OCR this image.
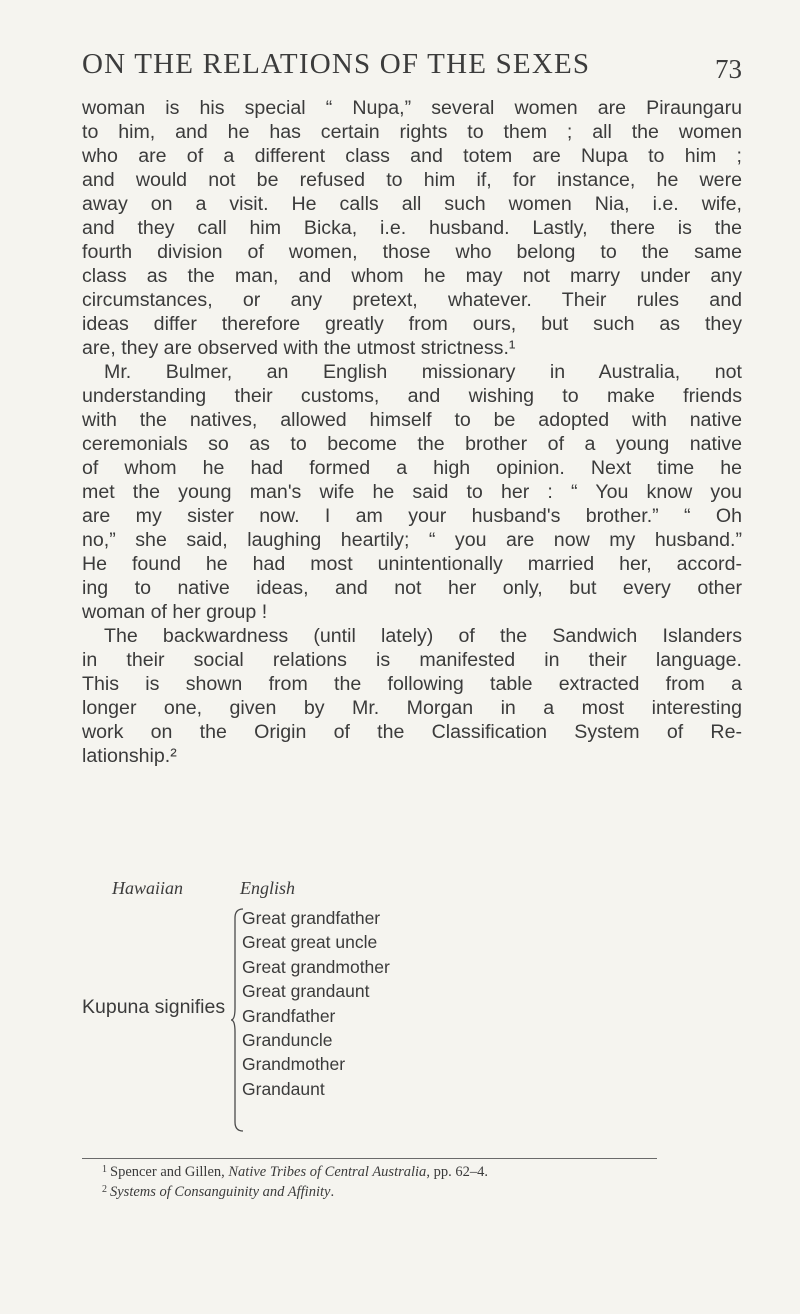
ON THE RELATIONS OF THE SEXES	73
woman is his special “ Nupa,” several women are Piraungaru
to him, and he has certain rights to them ; all the women
who are of a different class and totem are Nupa to him ;
and would not be refused to him if, for instance, he were
away on a visit. He calls all such women Nia, i.e. wife,
and they call him Bicka, i.e. husband. Lastly, there is the
fourth division of women, those who belong to the same
class as the man, and whom he may not marry under any
circumstances, or any pretext, whatever. Their rules and
ideas differ therefore greatly from ours, but such as they
are, they are observed with the utmost strictness.¹
Mr. Bulmer, an English missionary in Australia, not
understanding their customs, and wishing to make friends
with the natives, allowed himself to be adopted with native
ceremonials so as to become the brother of a young native
of whom he had formed a high opinion. Next time he
met the young man's wife he said to her : “ You know you
are my sister now. I am your husband's brother.” “ Oh
no,” she said, laughing heartily; “ you are now my husband.”
He found he had most unintentionally married her, accord-
ing to native ideas, and not her only, but every other
woman of her group !
The backwardness (until lately) of the Sandwich Islanders
in their social relations is manifested in their language.
This is shown from the following table extracted from a
longer one, given by Mr. Morgan in a most interesting
work on the Origin of the Classification System of Re-
lationship.²
Hawaiian	English
Kupuna signifies
Great grandfather
Great great uncle
Great grandmother
Great grandaunt
Grandfather
Granduncle
Grandmother
Grandaunt
1 Spencer and Gillen, Native Tribes of Central Australia, pp. 62–4.
2 Systems of Consanguinity and Affinity.
